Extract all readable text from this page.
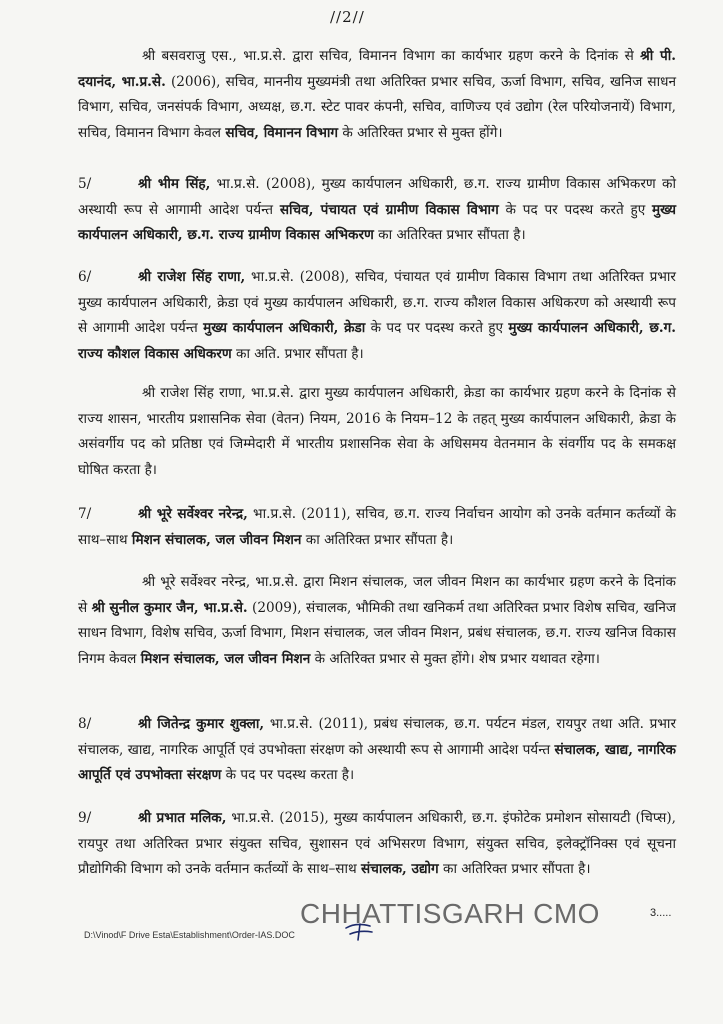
//2//

श्री बसवराजु एस., भा.प्र.से. द्वारा सचिव, विमानन विभाग का कार्यभार ग्रहण करने के दिनांक से श्री पी. दयानंद, भा.प्र.से. (2006), सचिव, माननीय मुख्यमंत्री तथा अतिरिक्त प्रभार सचिव, ऊर्जा विभाग, सचिव, खनिज साधन विभाग, सचिव, जनसंपर्क विभाग, अध्यक्ष, छ.ग. स्टेट पावर कंपनी, सचिव, वाणिज्य एवं उद्योग (रेल परियोजनायें) विभाग, सचिव, विमानन विभाग केवल सचिव, विमानन विभाग के अतिरिक्त प्रभार से मुक्त होंगे।

5/	श्री भीम सिंह, भा.प्र.से. (2008), मुख्य कार्यपालन अधिकारी, छ.ग. राज्य ग्रामीण विकास अभिकरण को अस्थायी रूप से आगामी आदेश पर्यन्त सचिव, पंचायत एवं ग्रामीण विकास विभाग के पद पर पदस्थ करते हुए मुख्य कार्यपालन अधिकारी, छ.ग. राज्य ग्रामीण विकास अभिकरण का अतिरिक्त प्रभार सौंपता है।

6/	श्री राजेश सिंह राणा, भा.प्र.से. (2008), सचिव, पंचायत एवं ग्रामीण विकास विभाग तथा अतिरिक्त प्रभार मुख्य कार्यपालन अधिकारी, क्रेडा एवं मुख्य कार्यपालन अधिकारी, छ.ग. राज्य कौशल विकास अधिकरण को अस्थायी रूप से आगामी आदेश पर्यन्त मुख्य कार्यपालन अधिकारी, क्रेडा के पद पर पदस्थ करते हुए मुख्य कार्यपालन अधिकारी, छ.ग. राज्य कौशल विकास अधिकरण का अति. प्रभार सौंपता है।

श्री राजेश सिंह राणा, भा.प्र.से. द्वारा मुख्य कार्यपालन अधिकारी, क्रेडा का कार्यभार ग्रहण करने के दिनांक से राज्य शासन, भारतीय प्रशासनिक सेवा (वेतन) नियम, 2016 के नियम–12 के तहत् मुख्य कार्यपालन अधिकारी, क्रेडा के असंवर्गीय पद को प्रतिष्ठा एवं जिम्मेदारी में भारतीय प्रशासनिक सेवा के अधिसमय वेतनमान के संवर्गीय पद के समकक्ष घोषित करता है।

7/	श्री भूरे सर्वेश्वर नरेन्द्र, भा.प्र.से. (2011), सचिव, छ.ग. राज्य निर्वाचन आयोग को उनके वर्तमान कर्तव्यों के साथ–साथ मिशन संचालक, जल जीवन मिशन का अतिरिक्त प्रभार सौंपता है।

श्री भूरे सर्वेश्वर नरेन्द्र, भा.प्र.से. द्वारा मिशन संचालक, जल जीवन मिशन का कार्यभार ग्रहण करने के दिनांक से श्री सुनील कुमार जैन, भा.प्र.से. (2009), संचालक, भौमिकी तथा खनिकर्म तथा अतिरिक्त प्रभार विशेष सचिव, खनिज साधन विभाग, विशेष सचिव, ऊर्जा विभाग, मिशन संचालक, जल जीवन मिशन, प्रबंध संचालक, छ.ग. राज्य खनिज विकास निगम केवल मिशन संचालक, जल जीवन मिशन के अतिरिक्त प्रभार से मुक्त होंगे। शेष प्रभार यथावत रहेगा।

8/	श्री जितेन्द्र कुमार शुक्ला, भा.प्र.से. (2011), प्रबंध संचालक, छ.ग. पर्यटन मंडल, रायपुर तथा अति. प्रभार संचालक, खाद्य, नागरिक आपूर्ति एवं उपभोक्ता संरक्षण को अस्थायी रूप से आगामी आदेश पर्यन्त संचालक, खाद्य, नागरिक आपूर्ति एवं उपभोक्ता संरक्षण के पद पर पदस्थ करता है।

9/	श्री प्रभात मलिक, भा.प्र.से. (2015), मुख्य कार्यपालन अधिकारी, छ.ग. इंफोटेक प्रमोशन सोसायटी (चिप्स), रायपुर तथा अतिरिक्त प्रभार संयुक्त सचिव, सुशासन एवं अभिसरण विभाग, संयुक्त सचिव, इलेक्ट्रॉनिक्स एवं सूचना प्रौद्योगिकी विभाग को उनके वर्तमान कर्तव्यों के साथ–साथ संचालक, उद्योग का अतिरिक्त प्रभार सौंपता है।

CHHATTISGARH CMO	3.....
D:\Vinod\F Drive Esta\Establishment\Order-IAS.DOC
